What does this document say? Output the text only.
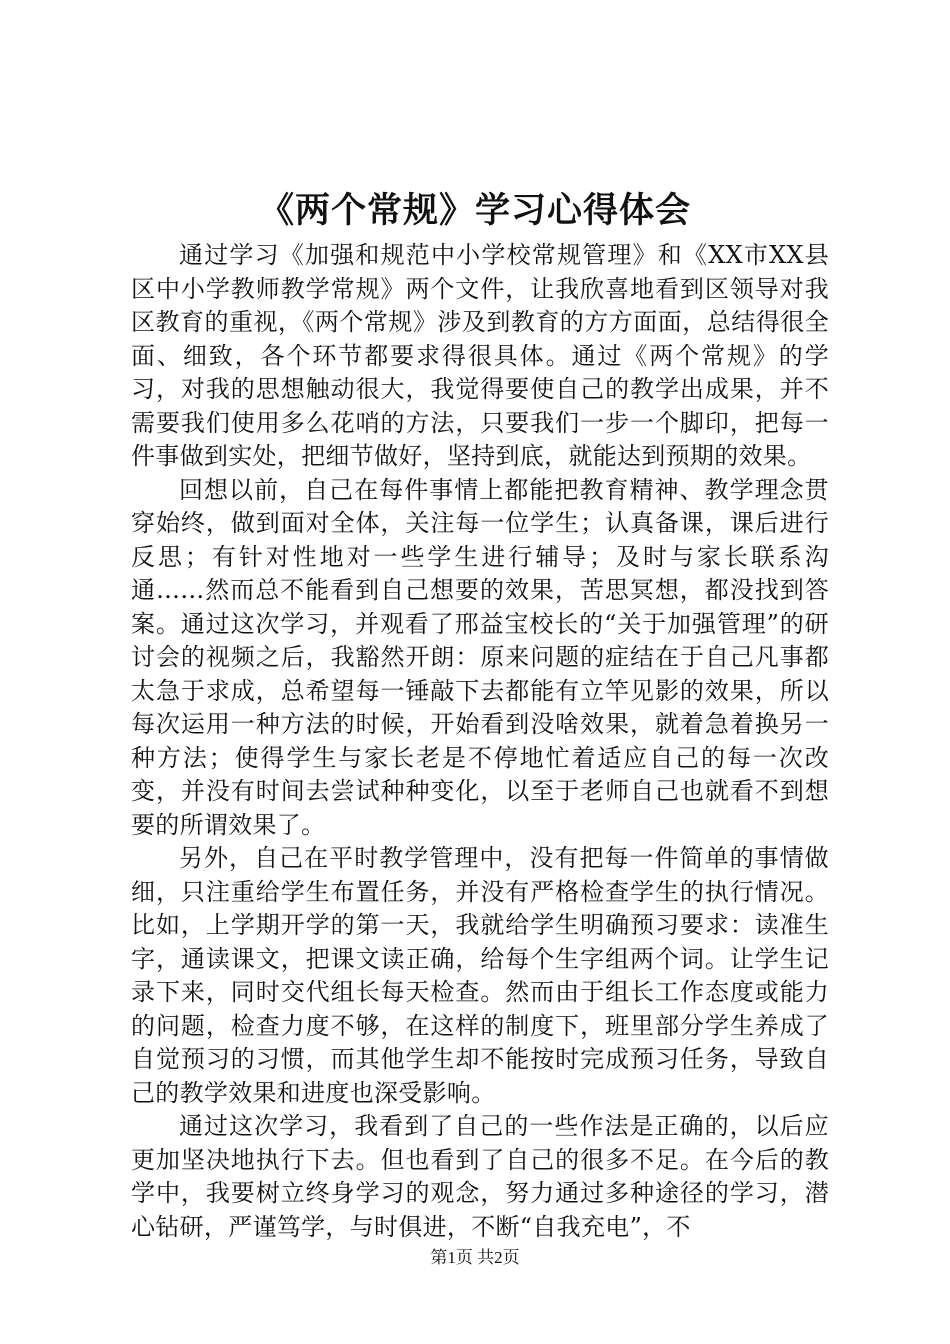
《两个常规》学习心得体会

通过学习《加强和规范中小学校常规管理》和《XX市XX县区中小学教师教学常规》两个文件，让我欣喜地看到区领导对我区教育的重视，《两个常规》涉及到教育的方方面面，总结得很全面、细致，各个环节都要求得很具体。通过《两个常规》的学习，对我的思想触动很大，我觉得要使自己的教学出成果，并不需要我们使用多么花哨的方法，只要我们一步一个脚印，把每一件事做到实处，把细节做好，坚持到底，就能达到预期的效果。

回想以前，自己在每件事情上都能把教育精神、教学理念贯穿始终，做到面对全体，关注每一位学生；认真备课，课后进行反思；有针对性地对一些学生进行辅导；及时与家长联系沟通……然而总不能看到自己想要的效果，苦思冥想，都没找到答案。通过这次学习，并观看了邢益宝校长的“关于加强管理”的研讨会的视频之后，我豁然开朗：原来问题的症结在于自己凡事都太急于求成，总希望每一锤敲下去都能有立竿见影的效果，所以每次运用一种方法的时候，开始看到没啥效果，就着急着换另一种方法；使得学生与家长老是不停地忙着适应自己的每一次改变，并没有时间去尝试种种变化，以至于老师自己也就看不到想要的所谓效果了。

另外，自己在平时教学管理中，没有把每一件简单的事情做细，只注重给学生布置任务，并没有严格检查学生的执行情况。比如，上学期开学的第一天，我就给学生明确预习要求：读准生字，通读课文，把课文读正确，给每个生字组两个词。让学生记录下来，同时交代组长每天检查。然而由于组长工作态度或能力的问题，检查力度不够，在这样的制度下，班里部分学生养成了自觉预习的习惯，而其他学生却不能按时完成预习任务，导致自己的教学效果和进度也深受影响。

通过这次学习，我看到了自己的一些作法是正确的，以后应更加坚决地执行下去。但也看到了自己的很多不足。在今后的教学中，我要树立终身学习的观念，努力通过多种途径的学习，潜心钻研，严谨笃学，与时俱进，不断“自我充电”，不

第1页 共2页
